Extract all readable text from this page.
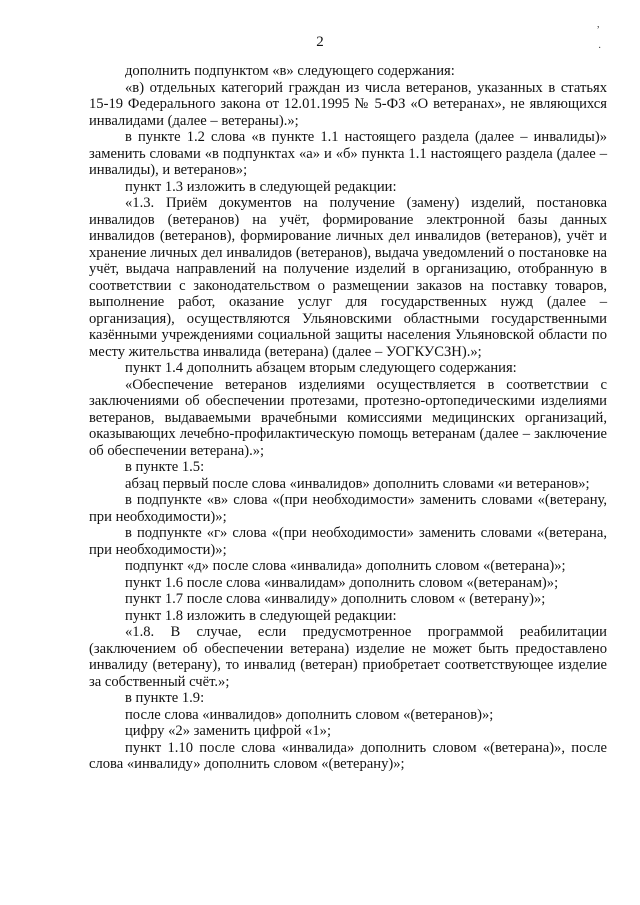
2
,
·

дополнить подпунктом «в» следующего содержания:

«в) отдельных категорий граждан из числа ветеранов, указанных в статьях 15-19 Федерального закона от 12.01.1995 № 5-ФЗ «О ветеранах», не являющихся инвалидами (далее – ветераны).»;

в пункте 1.2 слова «в пункте 1.1 настоящего раздела (далее – инвалиды)» заменить словами «в подпунктах «а» и «б» пункта 1.1 настоящего раздела (далее – инвалиды), и ветеранов»;

пункт 1.3 изложить в следующей редакции:

«1.3. Приём документов на получение (замену) изделий, постановка инвалидов (ветеранов) на учёт, формирование электронной базы данных инвалидов (ветеранов), формирование личных дел инвалидов (ветеранов), учёт и хранение личных дел инвалидов (ветеранов), выдача уведомлений о постановке на учёт, выдача направлений на получение изделий в организацию, отобранную в соответствии с законодательством о размещении заказов на поставку товаров, выполнение работ, оказание услуг для государственных нужд (далее – организация), осуществляются Ульяновскими областными государственными казёнными учреждениями социальной защиты населения Ульяновской области по месту жительства инвалида (ветерана) (далее – УОГКУСЗН).»;

пункт 1.4 дополнить абзацем вторым следующего содержания:

«Обеспечение ветеранов изделиями осуществляется в соответствии с заключениями об обеспечении протезами, протезно-ортопедическими изделиями ветеранов, выдаваемыми врачебными комиссиями медицинских организаций, оказывающих лечебно-профилактическую помощь ветеранам (далее – заключение об обеспечении ветерана).»;

в пункте 1.5:

абзац первый после слова «инвалидов» дополнить словами «и ветеранов»;

в подпункте «в» слова «(при необходимости» заменить словами «(ветерану, при необходимости)»;

в подпункте «г» слова «(при необходимости» заменить словами «(ветерана, при необходимости)»;

подпункт «д» после слова «инвалида» дополнить словом «(ветерана)»;

пункт 1.6 после слова «инвалидам» дополнить словом «(ветеранам)»;

пункт 1.7 после слова «инвалиду» дополнить словом « (ветерану)»;

пункт 1.8 изложить в следующей редакции:

«1.8. В случае, если предусмотренное программой реабилитации (заключением об обеспечении ветерана) изделие не может быть предоставлено инвалиду (ветерану), то инвалид (ветеран) приобретает соответствующее изделие за собственный счёт.»;

в пункте 1.9:

после слова «инвалидов» дополнить словом «(ветеранов)»;

цифру «2» заменить цифрой «1»;

пункт 1.10 после слова «инвалида» дополнить словом «(ветерана)», после слова «инвалиду» дополнить словом «(ветерану)»;
